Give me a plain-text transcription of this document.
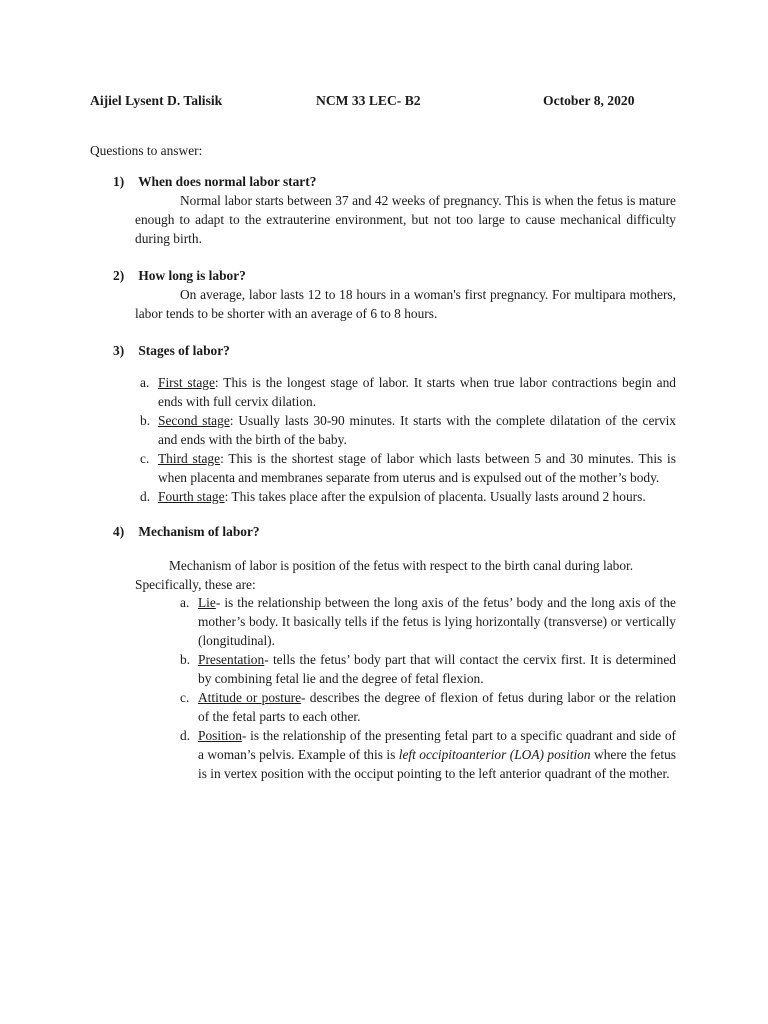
Aijiel Lysent D. Talisik	NCM 33 LEC- B2	October 8, 2020
Questions to answer:
1) When does normal labor start?
Normal labor starts between 37 and 42 weeks of pregnancy. This is when the fetus is mature enough to adapt to the extrauterine environment, but not too large to cause mechanical difficulty during birth.
2) How long is labor?
On average, labor lasts 12 to 18 hours in a woman's first pregnancy. For multipara mothers, labor tends to be shorter with an average of 6 to 8 hours.
3) Stages of labor?
a. First stage: This is the longest stage of labor. It starts when true labor contractions begin and ends with full cervix dilation.
b. Second stage: Usually lasts 30-90 minutes. It starts with the complete dilatation of the cervix and ends with the birth of the baby.
c. Third stage: This is the shortest stage of labor which lasts between 5 and 30 minutes. This is when placenta and membranes separate from uterus and is expulsed out of the mother’s body.
d. Fourth stage: This takes place after the expulsion of placenta. Usually lasts around 2 hours.
4) Mechanism of labor?
Mechanism of labor is position of the fetus with respect to the birth canal during labor. Specifically, these are:
a. Lie- is the relationship between the long axis of the fetus’ body and the long axis of the mother’s body. It basically tells if the fetus is lying horizontally (transverse) or vertically (longitudinal).
b. Presentation- tells the fetus’ body part that will contact the cervix first. It is determined by combining fetal lie and the degree of fetal flexion.
c. Attitude or posture- describes the degree of flexion of fetus during labor or the relation of the fetal parts to each other.
d. Position- is the relationship of the presenting fetal part to a specific quadrant and side of a woman’s pelvis. Example of this is left occipitoanterior (LOA) position where the fetus is in vertex position with the occiput pointing to the left anterior quadrant of the mother.
